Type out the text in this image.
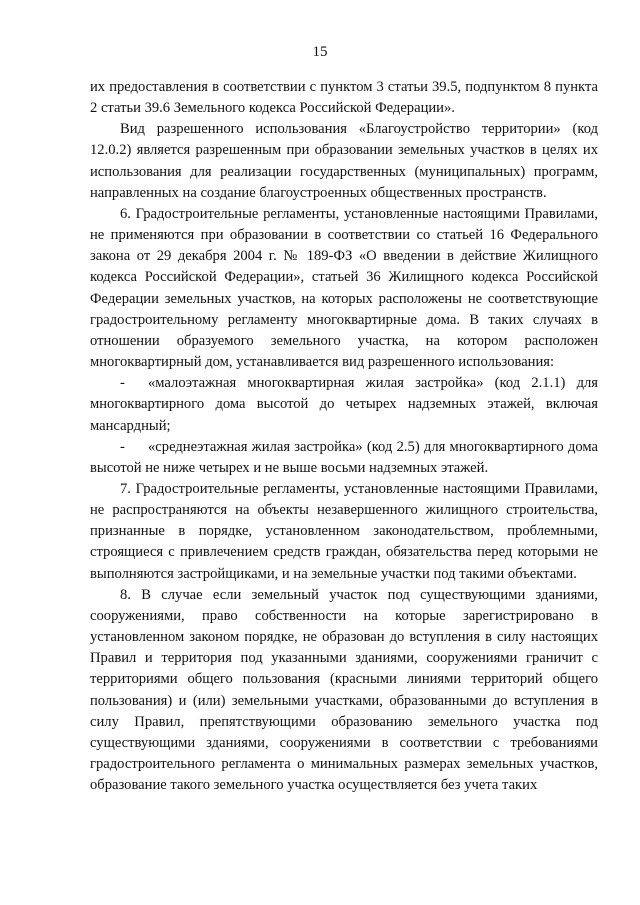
15

их предоставления в соответствии с пунктом 3 статьи 39.5, подпунктом 8 пункта 2 статьи 39.6 Земельного кодекса Российской Федерации».

Вид разрешенного использования «Благоустройство территории» (код 12.0.2) является разрешенным при образовании земельных участков в целях их использования для реализации государственных (муниципальных) программ, направленных на создание благоустроенных общественных пространств.

6. Градостроительные регламенты, установленные настоящими Правилами, не применяются при образовании в соответствии со статьей 16 Федерального закона от 29 декабря 2004 г. № 189-ФЗ «О введении в действие Жилищного кодекса Российской Федерации», статьей 36 Жилищного кодекса Российской Федерации земельных участков, на которых расположены не соответствующие градостроительному регламенту многоквартирные дома. В таких случаях в отношении образуемого земельного участка, на котором расположен многоквартирный дом, устанавливается вид разрешенного использования:

- «малоэтажная многоквартирная жилая застройка» (код 2.1.1) для многоквартирного дома высотой до четырех надземных этажей, включая мансардный;

- «среднеэтажная жилая застройка» (код 2.5) для многоквартирного дома высотой не ниже четырех и не выше восьми надземных этажей.

7. Градостроительные регламенты, установленные настоящими Правилами, не распространяются на объекты незавершенного жилищного строительства, признанные в порядке, установленном законодательством, проблемными, строящиеся с привлечением средств граждан, обязательства перед которыми не выполняются застройщиками, и на земельные участки под такими объектами.

8. В случае если земельный участок под существующими зданиями, сооружениями, право собственности на которые зарегистрировано в установленном законом порядке, не образован до вступления в силу настоящих Правил и территория под указанными зданиями, сооружениями граничит с территориями общего пользования (красными линиями территорий общего пользования) и (или) земельными участками, образованными до вступления в силу Правил, препятствующими образованию земельного участка под существующими зданиями, сооружениями в соответствии с требованиями градостроительного регламента о минимальных размерах земельных участков, образование такого земельного участка осуществляется без учета таких
